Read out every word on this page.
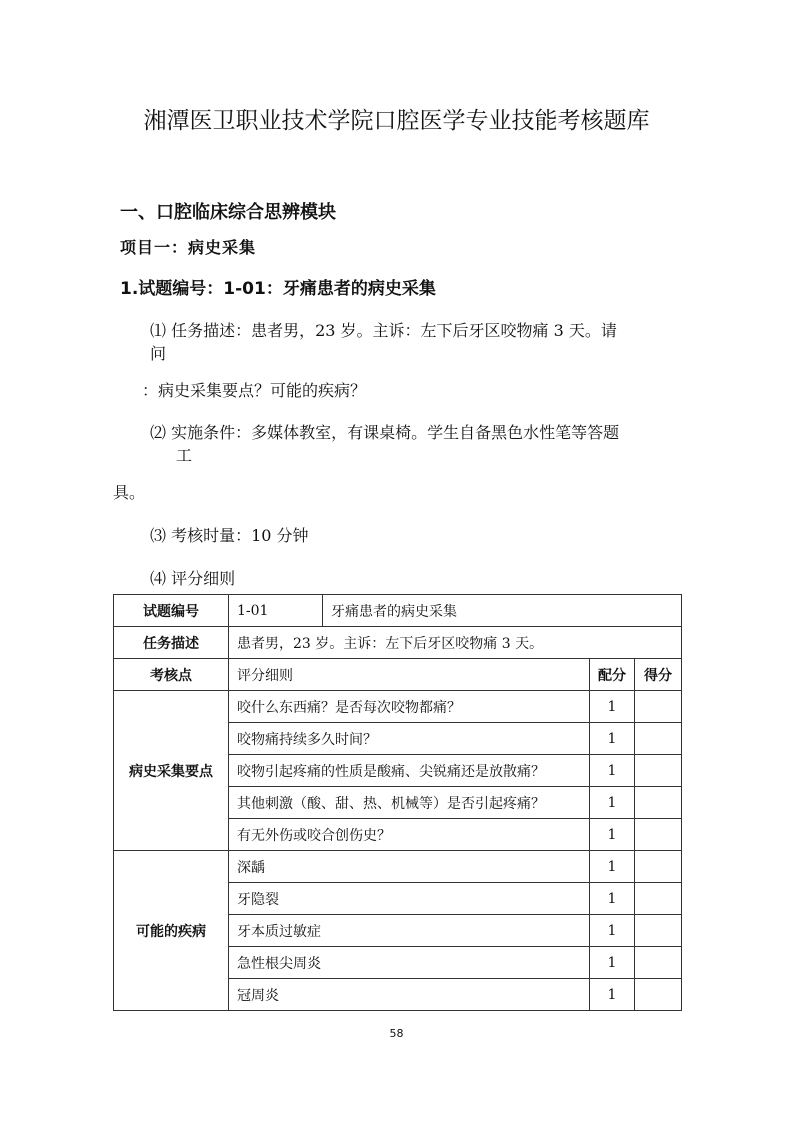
湘潭医卫职业技术学院口腔医学专业技能考核题库
一、口腔临床综合思辨模块
项目一：病史采集
1.试题编号：1-01：牙痛患者的病史采集
⑴ 任务描述：患者男，23 岁。主诉：左下后牙区咬物痛 3 天。请
问
：病史采集要点？可能的疾病？
⑵ 实施条件：多媒体教室，有课桌椅。学生自备黑色水性笔等答题
工
具。
⑶ 考核时量：10 分钟
⑷ 评分细则
试题编号	1-01	牙痛患者的病史采集		
任务描述	患者男，23 岁。主诉：左下后牙区咬物痛 3 天。			
考核点	评分细则		配分	得分
病史采集要点	咬什么东西痛？是否每次咬物都痛？		1	
	咬物痛持续多久时间？		1	
	咬物引起疼痛的性质是酸痛、尖锐痛还是放散痛？		1	
	其他刺激（酸、甜、热、机械等）是否引起疼痛？		1	
	有无外伤或咬合创伤史？		1	
可能的疾病	深龋		1	
	牙隐裂		1	
	牙本质过敏症		1	
	急性根尖周炎		1	
	冠周炎		1	
58
